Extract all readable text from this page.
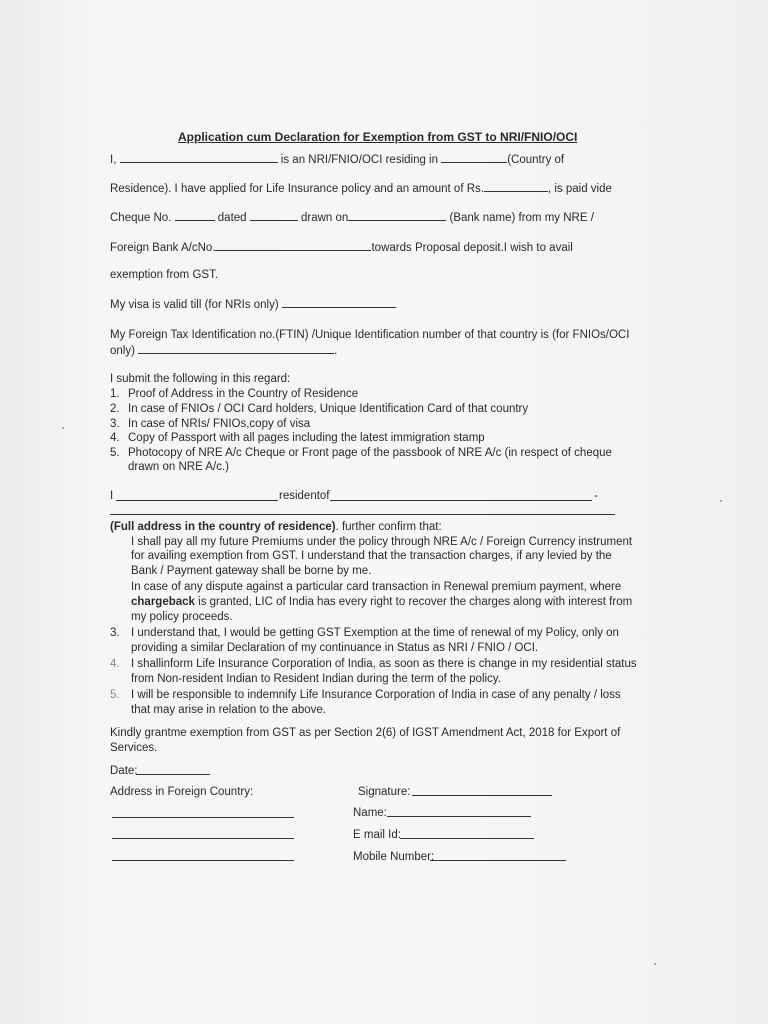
Application cum Declaration for Exemption from GST to NRI/FNIO/OCI
I,	is an NRI/FNIO/OCI residing in	(Country of
Residence). I have applied for Life Insurance policy and an amount of Rs.	, is paid vide
Cheque No.	dated	drawn on	(Bank name) from my NRE /
Foreign Bank A/cNo.	towards Proposal deposit.I wish to avail
exemption from GST.
My visa is valid till (for NRIs only)
My Foreign Tax Identification no.(FTIN) /Unique Identification number of that country is (for FNIOs/OCI
only)	.
I submit the following in this regard:
1. Proof of Address in the Country of Residence
2. In case of FNIOs / OCI Card holders, Unique Identification Card of that country
3. In case of NRIs/ FNIOs,copy of visa
4. Copy of Passport with all pages including the latest immigration stamp
5. Photocopy of NRE A/c Cheque or Front page of the passbook of NRE A/c (in respect of cheque
drawn on NRE A/c.)
I	residentof	-
(Full address in the country of residence). further confirm that:
I shall pay all my future Premiums under the policy through NRE A/c / Foreign Currency instrument
for availing exemption from GST. I understand that the transaction charges, if any levied by the
Bank / Payment gateway shall be borne by me.
In case of any dispute against a particular card transaction in Renewal premium payment, where
chargeback is granted, LIC of India has every right to recover the charges along with interest from
my policy proceeds.
3. I understand that, I would be getting GST Exemption at the time of renewal of my Policy, only on
providing a similar Declaration of my continuance in Status as NRI / FNIO / OCI.
4. I shallinform Life Insurance Corporation of India, as soon as there is change in my residential status
from Non-resident Indian to Resident Indian during the term of the policy.
5. I will be responsible to indemnify Life Insurance Corporation of India in case of any penalty / loss
that may arise in relation to the above.
Kindly grantme exemption from GST as per Section 2(6) of IGST Amendment Act, 2018 for Export of
Services.
Date:
Address in Foreign Country:	Signature:
Name:
E mail Id:
Mobile Number:
